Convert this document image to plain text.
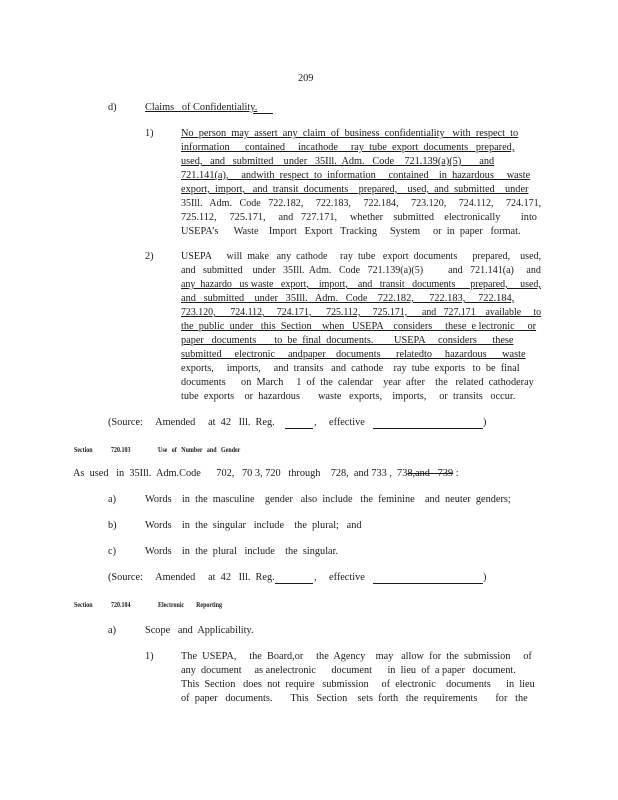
209
d)	Claims   of Confidentiality.
1)	No  person  may  assert  any  claim  of  business  confidentiality   with  respect  to
information      contained     incathode     ray  tube  export  documents   prepared,
used,   and   submitted    under   35Ill.  Adm.   Code    721.139(a)(5)       and
721.141(a),     andwith  respect  to  information     contained    in  hazardous     waste
export,  import,   and  transit  documents    prepared,    used,  and  submitted    under
35Ill.   Adm.   Code   722.182,     722.183,     722.184,     723.120,     724.112,     724.171,
725.112,     725.171,     and   727.171,     whether    submitted    electronically        into
USEPA’s      Waste    Import   Export   Tracking     System     or  in  paper   format.
2)	USEPA      will  make   any  cathode     ray  tube   export  documents      prepared,    used,
and   submitted    under   35Ill.  Adm.   Code   721.139(a)(5)          and   721.141(a)     and
any  hazardo   us waste   export,    import,    and   transit   documents      prepared,     used,
and   submitted    under   35Ill.   Adm.   Code    722.182,      722.183,     722.184,
723.120,      724.112,     724.171,      725.112,     725.171,      and   727.171    available     to
the  public  under   this  Section    when   USEPA    considers     these  e lectronic     or
paper   documents       to  be  final  documents.        USEPA     considers      these
submitted     electronic     andpaper    documents      relatedto     hazardous      waste
exports,     imports,     and  transits   and  cathode    ray  tube  exports   to  be  final
documents      on  March     1  of  the  calendar    year  after    the   related  cathoderay
tube  exports    or  hazardous       waste   exports,    imports,     or  transits   occur.
(Source:     Amended     at  42   Ill.  Reg.	, effective	)
Section	720.103	Use   of   Number   and   Gender
As  used   in  35Ill.  Adm.Code      702,   70 3, 720   through    728,  and 733 ,  738,and   739 :
a)	Words    in  the  masculine    gender   also  include   the  feminine    and  neuter  genders;
b)	Words    in  the  singular   include    the  plural;   and
c)	Words    in  the  plural   include    the  singular.
(Source:     Amended     at  42   Ill.  Reg.	, effective	)
Section	720.104	Electronic        Reporting
a)	Scope   and  Applicability.
1)	The  USEPA,     the  Board,or     the  Agency    may   allow  for  the  submission     of
any  document     as anelectronic      document      in  lieu  of  a paper   document.
This  Section   does  not  require   submission     of  electronic    documents      in  lieu
of  paper   documents.       This   Section    sets  forth   the  requirements       for   the
